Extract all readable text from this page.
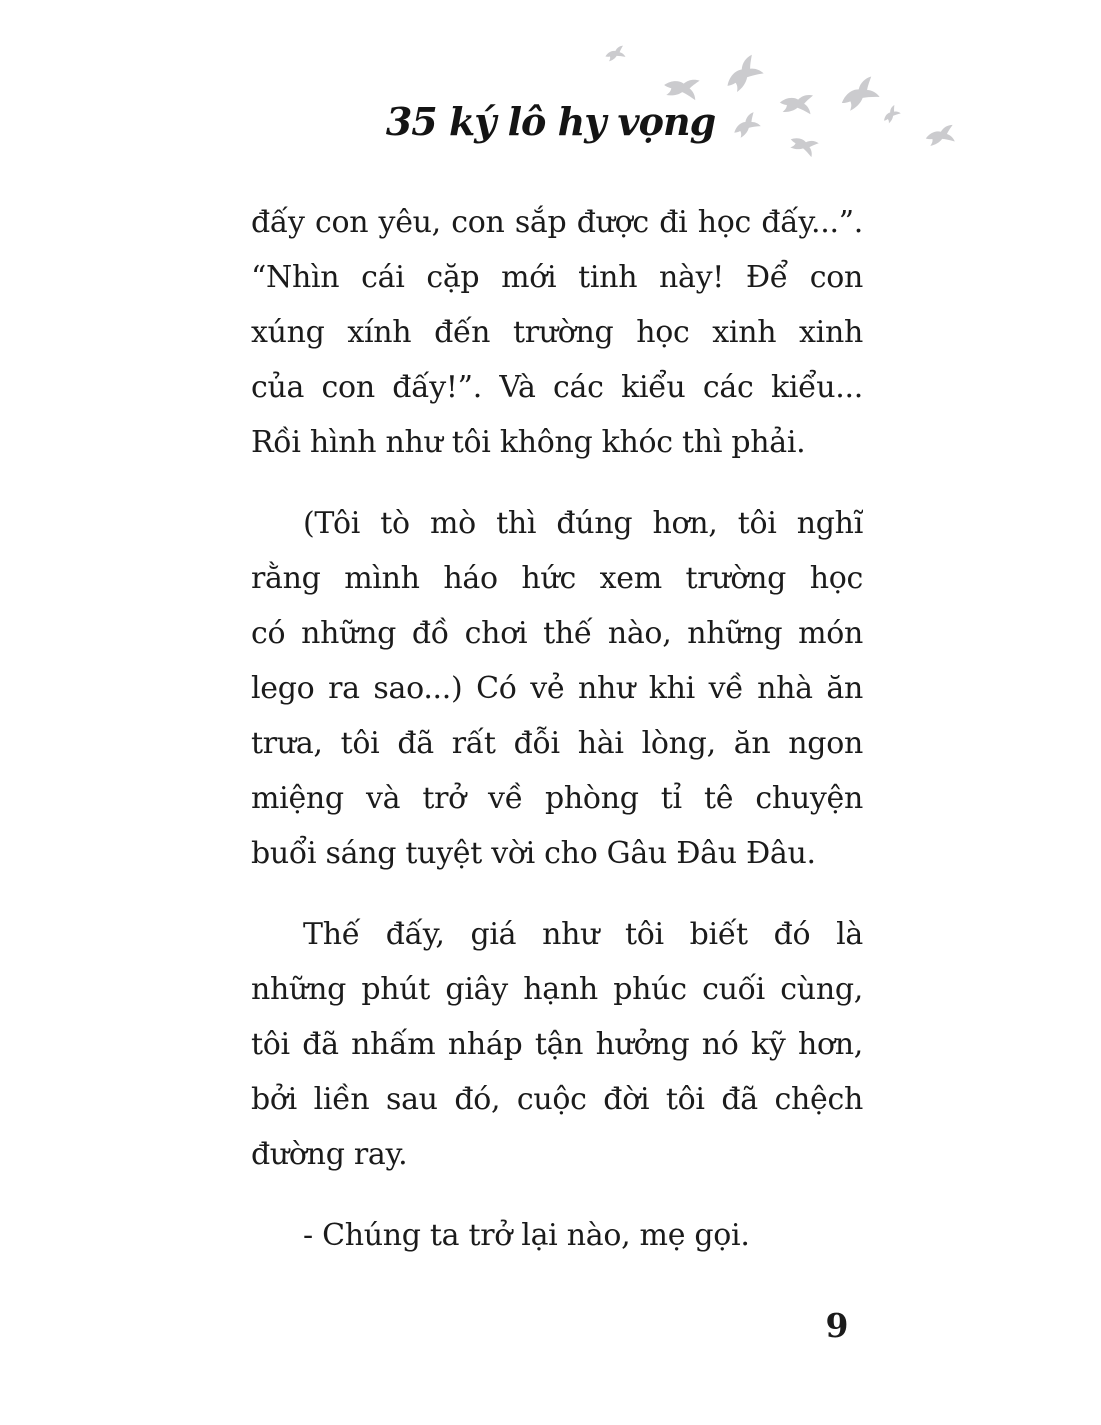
35 ký lô hy vọng

đấy con yêu, con sắp được đi học đấy...”.
“Nhìn cái cặp mới tinh này! Để con
xúng xính đến trường học xinh xinh
của con đấy!”. Và các kiểu các kiểu...
Rồi hình như tôi không khóc thì phải.

(Tôi tò mò thì đúng hơn, tôi nghĩ
rằng mình háo hức xem trường học
có những đồ chơi thế nào, những món
lego ra sao...) Có vẻ như khi về nhà ăn
trưa, tôi đã rất đỗi hài lòng, ăn ngon
miệng và trở về phòng tỉ tê chuyện
buổi sáng tuyệt vời cho Gâu Đâu Đâu.

Thế đấy, giá như tôi biết đó là
những phút giây hạnh phúc cuối cùng,
tôi đã nhấm nháp tận hưởng nó kỹ hơn,
bởi liền sau đó, cuộc đời tôi đã chệch
đường ray.

- Chúng ta trở lại nào, mẹ gọi.

9
